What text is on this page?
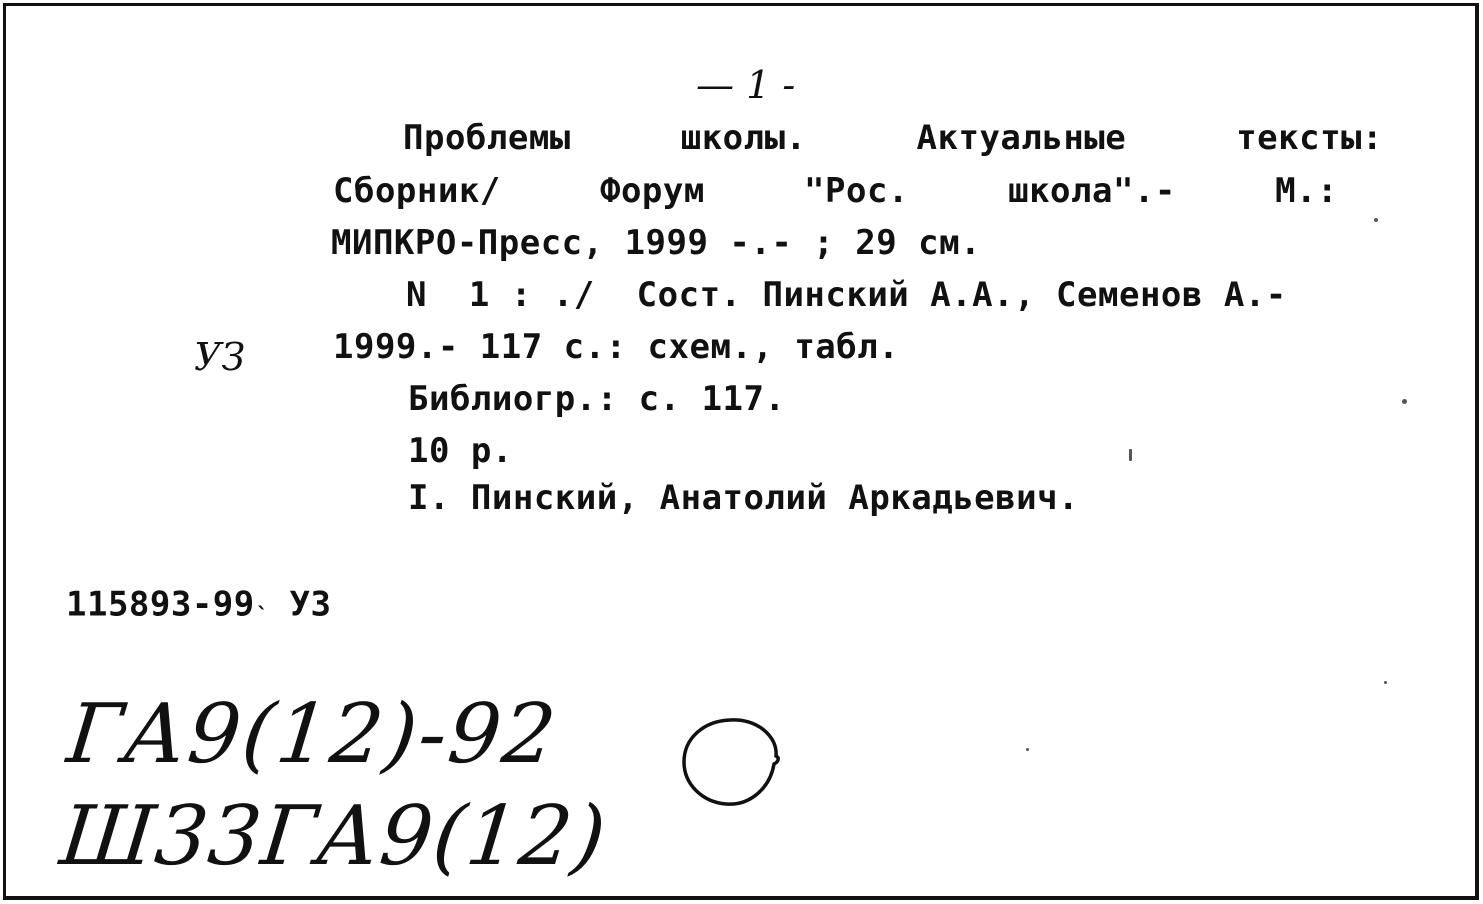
— 1 -
Проблемы	школы.	Актуальные	тексты:
Сборник/	Форум	"Рос.	школа".-	М.:
МИПКРО-Пресс, 1999 -.- ; 29 см.
N  1 : ./  Сост. Пинский А.А., Семенов А.-
УЗ	1999.- 117 с.: схем., табл.
Библиогр.: с. 117.
10 р.
I. Пинский, Анатолий Аркадьевич.
$115893-99^ˎ$ УЗ
ГА9(12)-92
Ш33ГА9(12)
